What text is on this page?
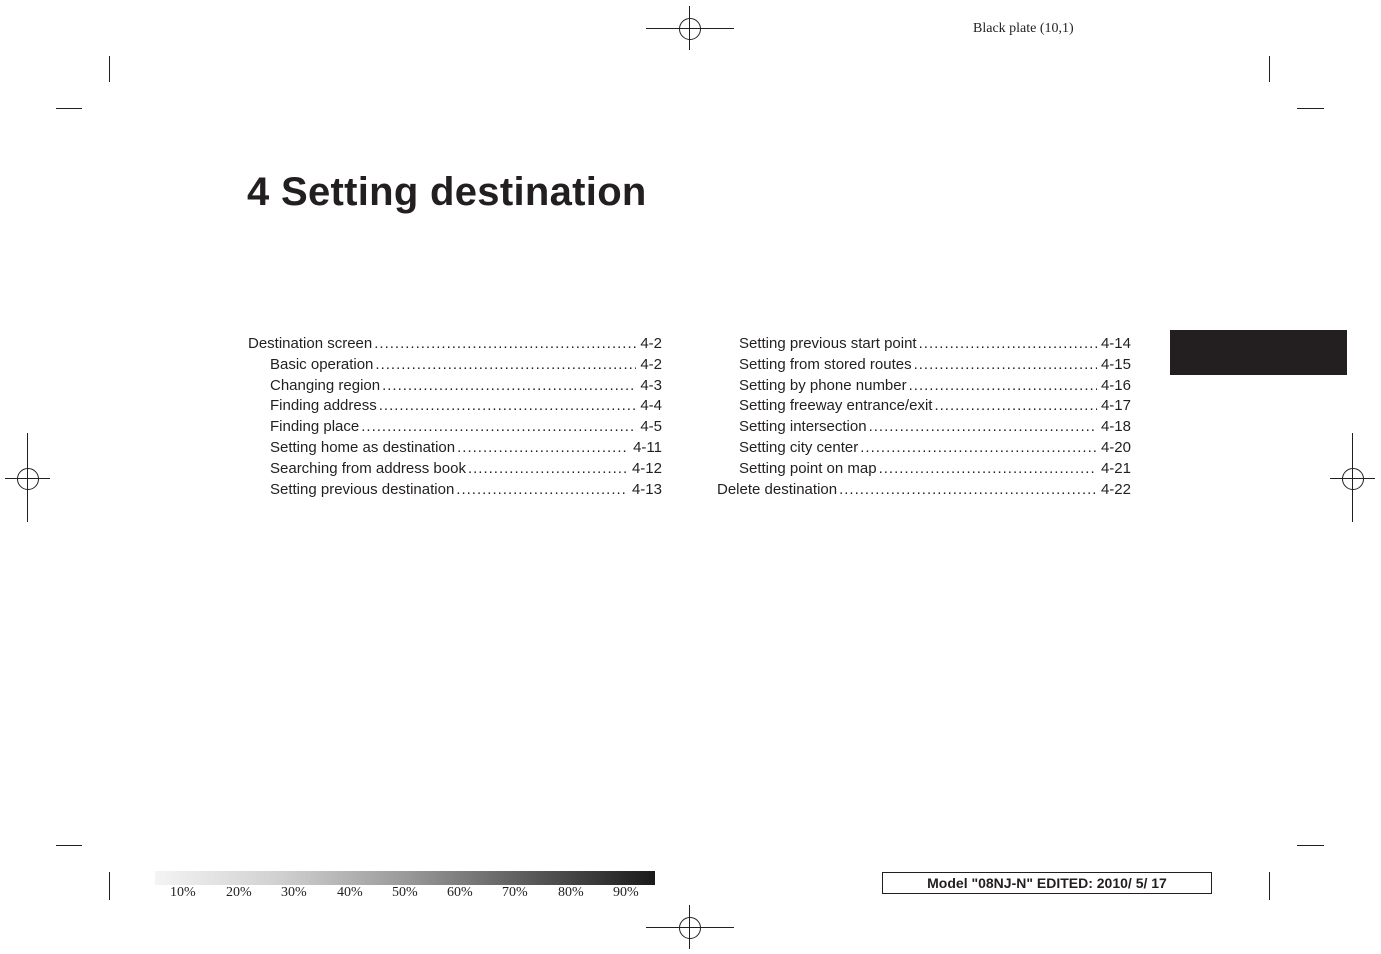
Black plate (10,1)
4 Setting destination
Destination screen .....	4-2
Basic operation .....	4-2
Changing region .....	4-3
Finding address .....	4-4
Finding place .....	4-5
Setting home as destination .....	4-11
Searching from address book .....	4-12
Setting previous destination .....	4-13
Setting previous start point .....	4-14
Setting from stored routes .....	4-15
Setting by phone number .....	4-16
Setting freeway entrance/exit .....	4-17
Setting intersection .....	4-18
Setting city center .....	4-20
Setting point on map .....	4-21
Delete destination .....	4-22
10% 20% 30% 40% 50% 60% 70% 80% 90%
Model "08NJ-N" EDITED: 2010/ 5/ 17
